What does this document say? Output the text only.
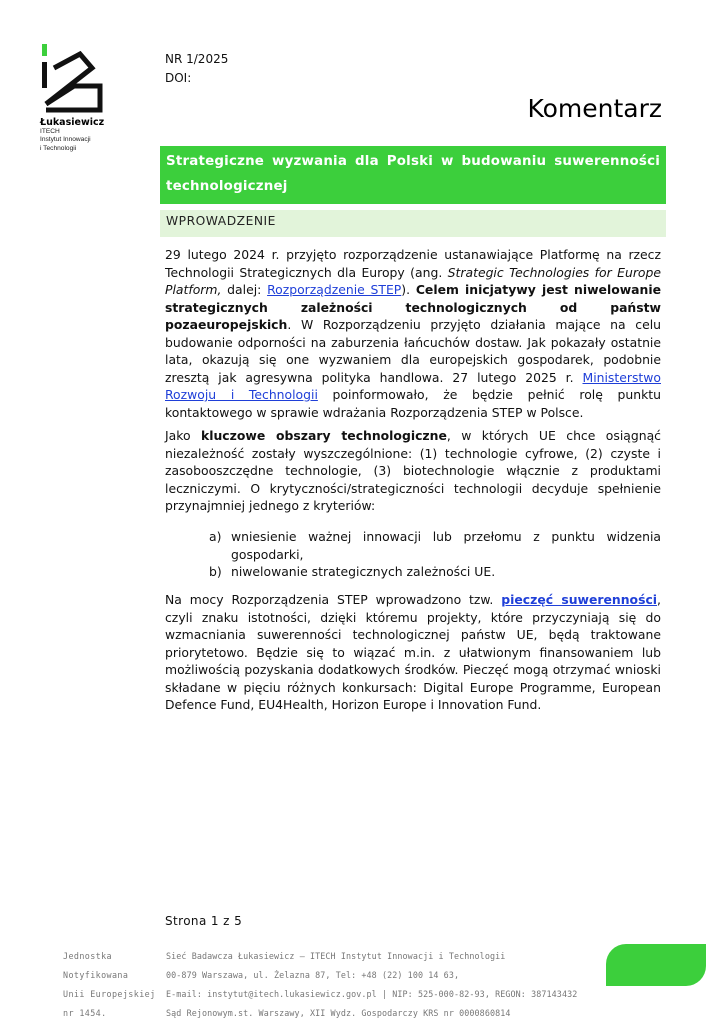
Łukasiewicz
ITECH
Instytut Innowacji
i Technologii
NR 1/2025
DOI:
Komentarz
Strategiczne wyzwania dla Polski w budowaniu suwerenności technologicznej
WPROWADZENIE

29 lutego 2024 r. przyjęto rozporządzenie ustanawiające Platformę na rzecz Technologii Strategicznych dla Europy (ang. Strategic Technologies for Europe Platform, dalej: Rozporządzenie STEP). Celem inicjatywy jest niwelowanie strategicznych zależności technologicznych od państw pozaeuropejskich. W Rozporządzeniu przyjęto działania mające na celu budowanie odporności na zaburzenia łańcuchów dostaw. Jak pokazały ostatnie lata, okazują się one wyzwaniem dla europejskich gospodarek, podobnie zresztą jak agresywna polityka handlowa. 27 lutego 2025 r. Ministerstwo Rozwoju i Technologii poinformowało, że będzie pełnić rolę punktu kontaktowego w sprawie wdrażania Rozporządzenia STEP w Polsce.

Jako kluczowe obszary technologiczne, w których UE chce osiągnąć niezależność zostały wyszczególnione: (1) technologie cyfrowe, (2) czyste i zasobooszczędne technologie, (3) biotechnologie włącznie z produktami leczniczymi. O krytyczności/strategiczności technologii decyduje spełnienie przynajmniej jednego z kryteriów:

a) wniesienie ważnej innowacji lub przełomu z punktu widzenia gospodarki,
b) niwelowanie strategicznych zależności UE.

Na mocy Rozporządzenia STEP wprowadzono tzw. pieczęć suwerenności, czyli znaku istotności, dzięki któremu projekty, które przyczyniają się do wzmacniania suwerenności technologicznej państw UE, będą traktowane priorytetowo. Będzie się to wiązać m.in. z ułatwionym finansowaniem lub możliwością pozyskania dodatkowych środków. Pieczęć mogą otrzymać wnioski składane w pięciu różnych konkursach: Digital Europe Programme, European Defence Fund, EU4Health, Horizon Europe i Innovation Fund.

Strona 1 z 5
Jednostka
Notyfikowana
Unii Europejskiej
nr 1454.
Sieć Badawcza Łukasiewicz – ITECH Instytut Innowacji i Technologii
00-879 Warszawa, ul. Żelazna 87, Tel: +48 (22) 100 14 63,
E-mail: instytut@itech.lukasiewicz.gov.pl | NIP: 525-000-82-93, REGON: 387143432
Sąd Rejonowym.st. Warszawy, XII Wydz. Gospodarczy KRS nr 0000860814
